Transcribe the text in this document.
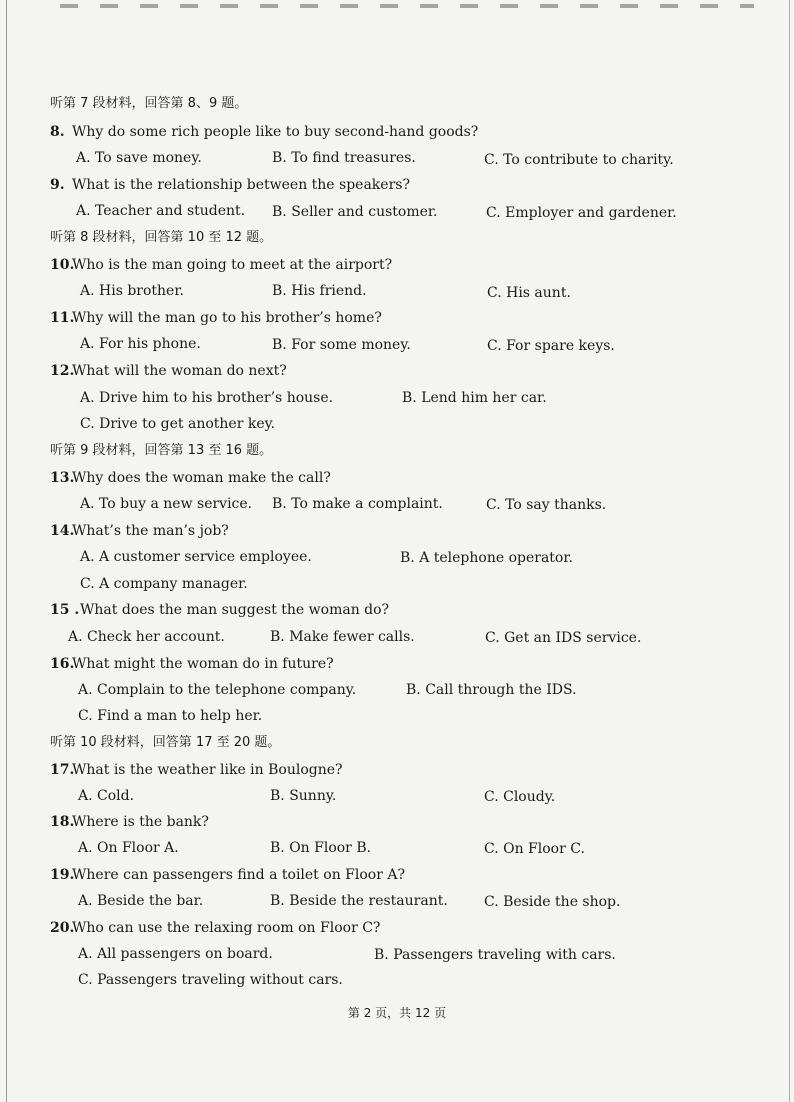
听第 7 段材料，回答第 8、9 题。
8. Why do some rich people like to buy second-hand goods?
A. To save money.	B. To find treasures.	C. To contribute to charity.
9. What is the relationship between the speakers?
A. Teacher and student. B. Seller and customer.	C. Employer and gardener.
听第 8 段材料，回答第 10 至 12 题。
10.Who is the man going to meet at the airport?
A. His brother.	B. His friend.	C. His aunt.
11.Why will the man go to his brother’s home?
A. For his phone.	B. For some money.	C. For spare keys.
12.What will the woman do next?
A. Drive him to his brother’s house.	B. Lend him her car.
C. Drive to get another key.
听第 9 段材料，回答第 13 至 16 题。
13.Why does the woman make the call?
A. To buy a new service. B. To make a complaint.	C. To say thanks.
14.What’s the man’s job?
A. A customer service employee.	B. A telephone operator.
C. A company manager.
15 .What does the man suggest the woman do?
A. Check her account.	B. Make fewer calls.	C. Get an IDS service.
16.What might the woman do in future?
A. Complain to the telephone company.	B. Call through the IDS.
C. Find a man to help her.
听第 10 段材料，回答第 17 至 20 题。
17.What is the weather like in Boulogne?
A. Cold.	B. Sunny.	C. Cloudy.
18.Where is the bank?
A. On Floor A.	B. On Floor B.	C. On Floor C.
19.Where can passengers find a toilet on Floor A?
A. Beside the bar.	B. Beside the restaurant.	C. Beside the shop.
20.Who can use the relaxing room on Floor C?
A. All passengers on board.	B. Passengers traveling with cars.
C. Passengers traveling without cars.
第 2 页，共 12 页
